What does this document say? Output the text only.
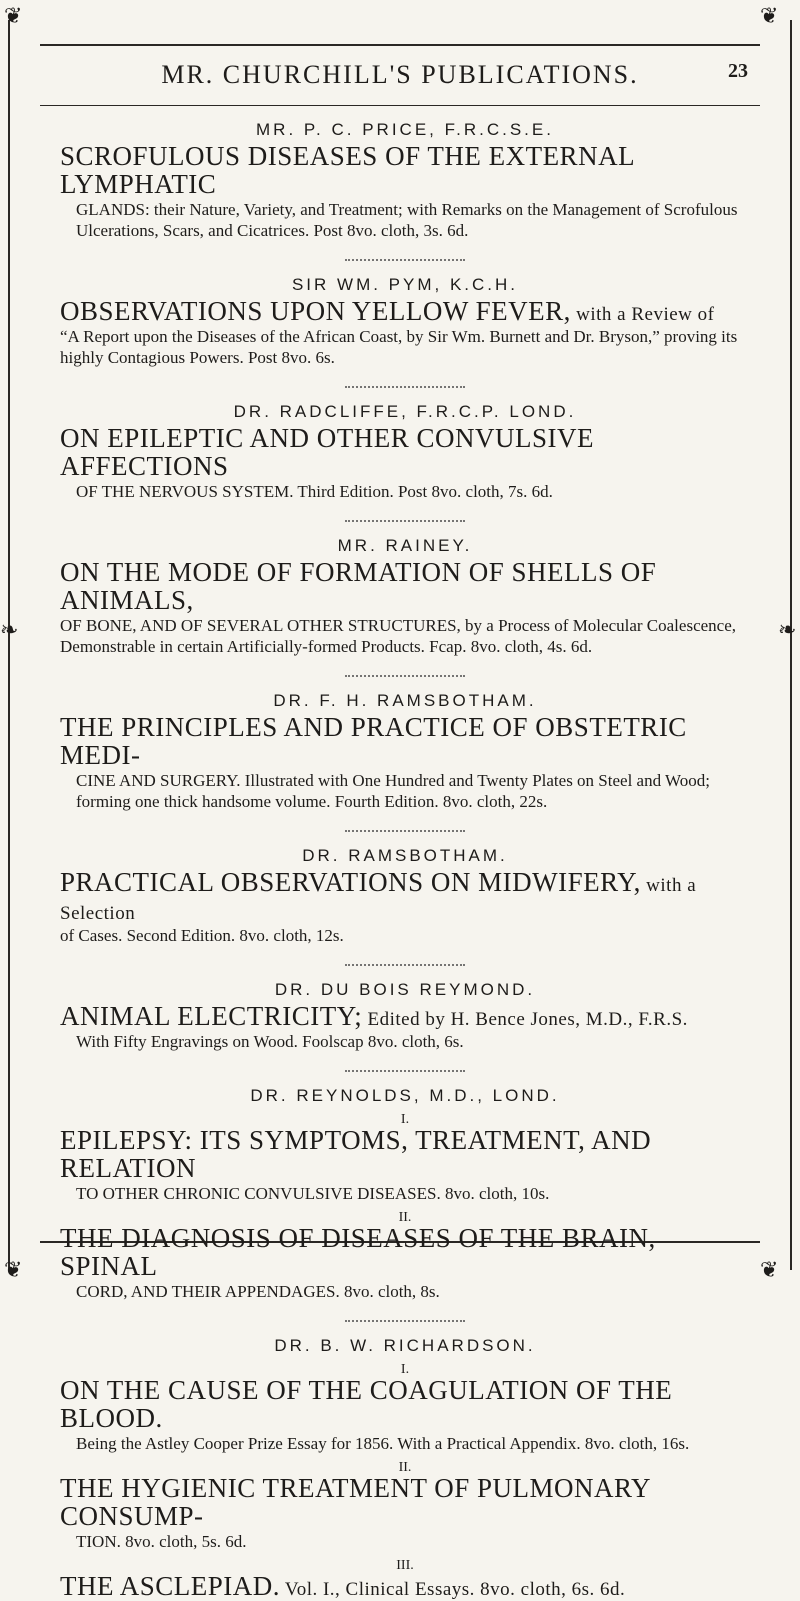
❦	❦
❦
❦
❧	❧
MR. CHURCHILL'S PUBLICATIONS.	23
MR. P. C. PRICE, F.R.C.S.E.
SCROFULOUS DISEASES OF THE EXTERNAL LYMPHATIC
GLANDS: their Nature, Variety, and Treatment; with Remarks on the Management of Scrofulous Ulcerations, Scars, and Cicatrices. Post 8vo. cloth, 3s. 6d.
SIR WM. PYM, K.C.H.
OBSERVATIONS UPON YELLOW FEVER, with a Review of
“A Report upon the Diseases of the African Coast, by Sir Wm. Burnett and Dr. Bryson,” proving its highly Contagious Powers. Post 8vo. 6s.
DR. RADCLIFFE, F.R.C.P. LOND.
ON EPILEPTIC AND OTHER CONVULSIVE AFFECTIONS
OF THE NERVOUS SYSTEM. Third Edition. Post 8vo. cloth, 7s. 6d.
MR. RAINEY.
ON THE MODE OF FORMATION OF SHELLS OF ANIMALS,
OF BONE, AND OF SEVERAL OTHER STRUCTURES, by a Process of Molecular Coalescence, Demonstrable in certain Artificially-formed Products. Fcap. 8vo. cloth, 4s. 6d.
DR. F. H. RAMSBOTHAM.
THE PRINCIPLES AND PRACTICE OF OBSTETRIC MEDI-
CINE AND SURGERY. Illustrated with One Hundred and Twenty Plates on Steel and Wood; forming one thick handsome volume. Fourth Edition. 8vo. cloth, 22s.
DR. RAMSBOTHAM.
PRACTICAL OBSERVATIONS ON MIDWIFERY, with a Selection
of Cases. Second Edition. 8vo. cloth, 12s.
DR. DU BOIS REYMOND.
ANIMAL ELECTRICITY; Edited by H. Bence Jones, M.D., F.R.S.
With Fifty Engravings on Wood. Foolscap 8vo. cloth, 6s.
DR. REYNOLDS, M.D., LOND.
I.
EPILEPSY: ITS SYMPTOMS, TREATMENT, AND RELATION
TO OTHER CHRONIC CONVULSIVE DISEASES. 8vo. cloth, 10s.
II.
THE DIAGNOSIS OF DISEASES OF THE BRAIN, SPINAL
CORD, AND THEIR APPENDAGES. 8vo. cloth, 8s.
DR. B. W. RICHARDSON.
I.
ON THE CAUSE OF THE COAGULATION OF THE BLOOD.
Being the Astley Cooper Prize Essay for 1856. With a Practical Appendix. 8vo. cloth, 16s.
II.
THE HYGIENIC TREATMENT OF PULMONARY CONSUMP-
TION. 8vo. cloth, 5s. 6d.
III.
THE ASCLEPIAD. Vol. I., Clinical Essays. 8vo. cloth, 6s. 6d.
